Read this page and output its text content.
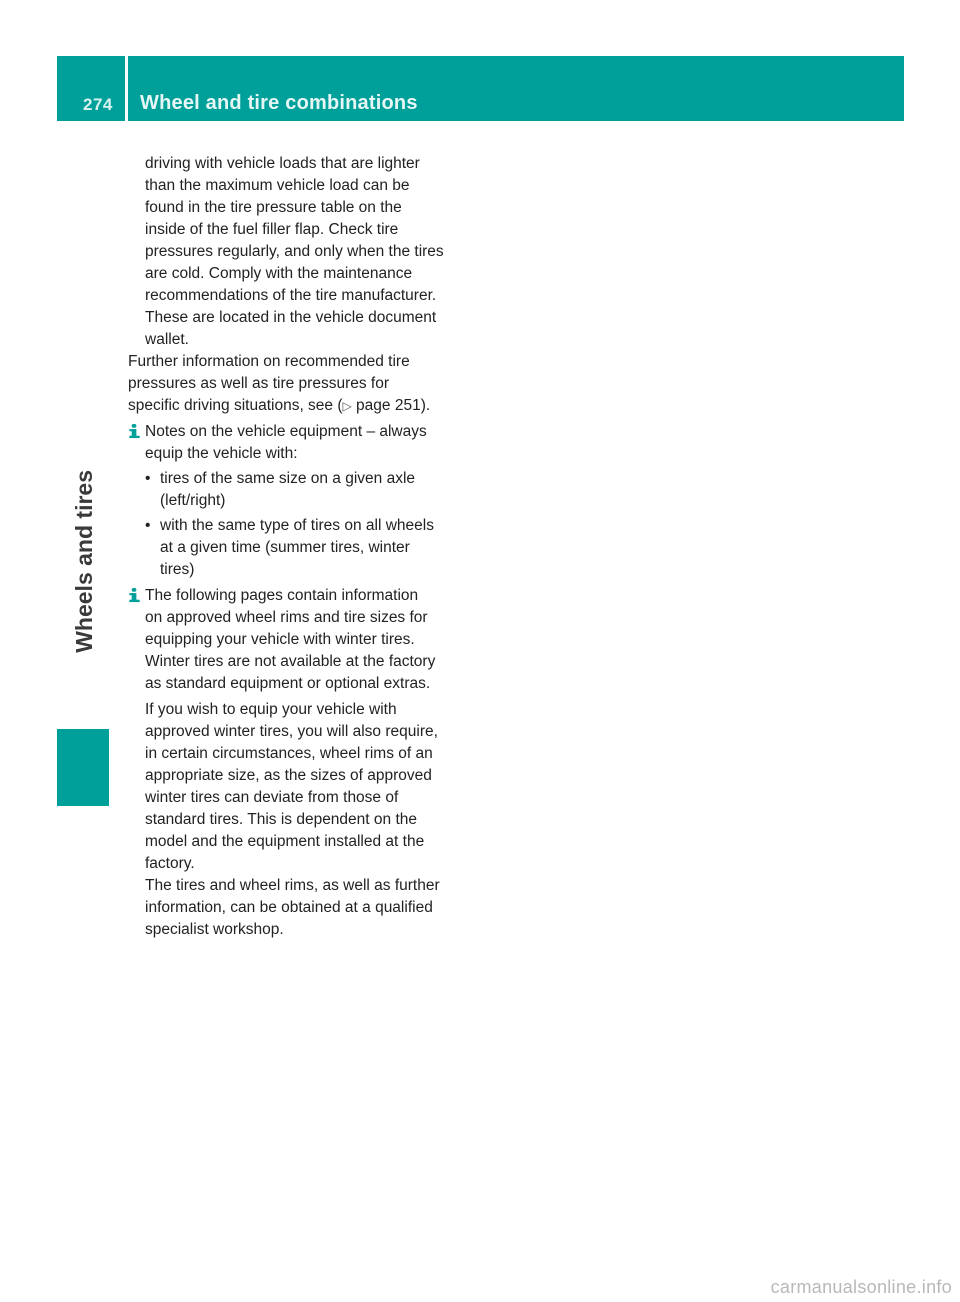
274 Wheel and tire combinations
Wheels and tires
driving with vehicle loads that are lighter
than the maximum vehicle load can be
found in the tire pressure table on the
inside of the fuel filler flap. Check tire
pressures regularly, and only when the tires
are cold. Comply with the maintenance
recommendations of the tire manufacturer.
These are located in the vehicle document
wallet.
Further information on recommended tire
pressures as well as tire pressures for
specific driving situations, see (▷ page 251).
Notes on the vehicle equipment – always
equip the vehicle with:
• tires of the same size on a given axle
(left/right)
• with the same type of tires on all wheels
at a given time (summer tires, winter
tires)
The following pages contain information
on approved wheel rims and tire sizes for
equipping your vehicle with winter tires.
Winter tires are not available at the factory
as standard equipment or optional extras.
If you wish to equip your vehicle with
approved winter tires, you will also require,
in certain circumstances, wheel rims of an
appropriate size, as the sizes of approved
winter tires can deviate from those of
standard tires. This is dependent on the
model and the equipment installed at the
factory.
The tires and wheel rims, as well as further
information, can be obtained at a qualified
specialist workshop.
carmanualsonline.info
